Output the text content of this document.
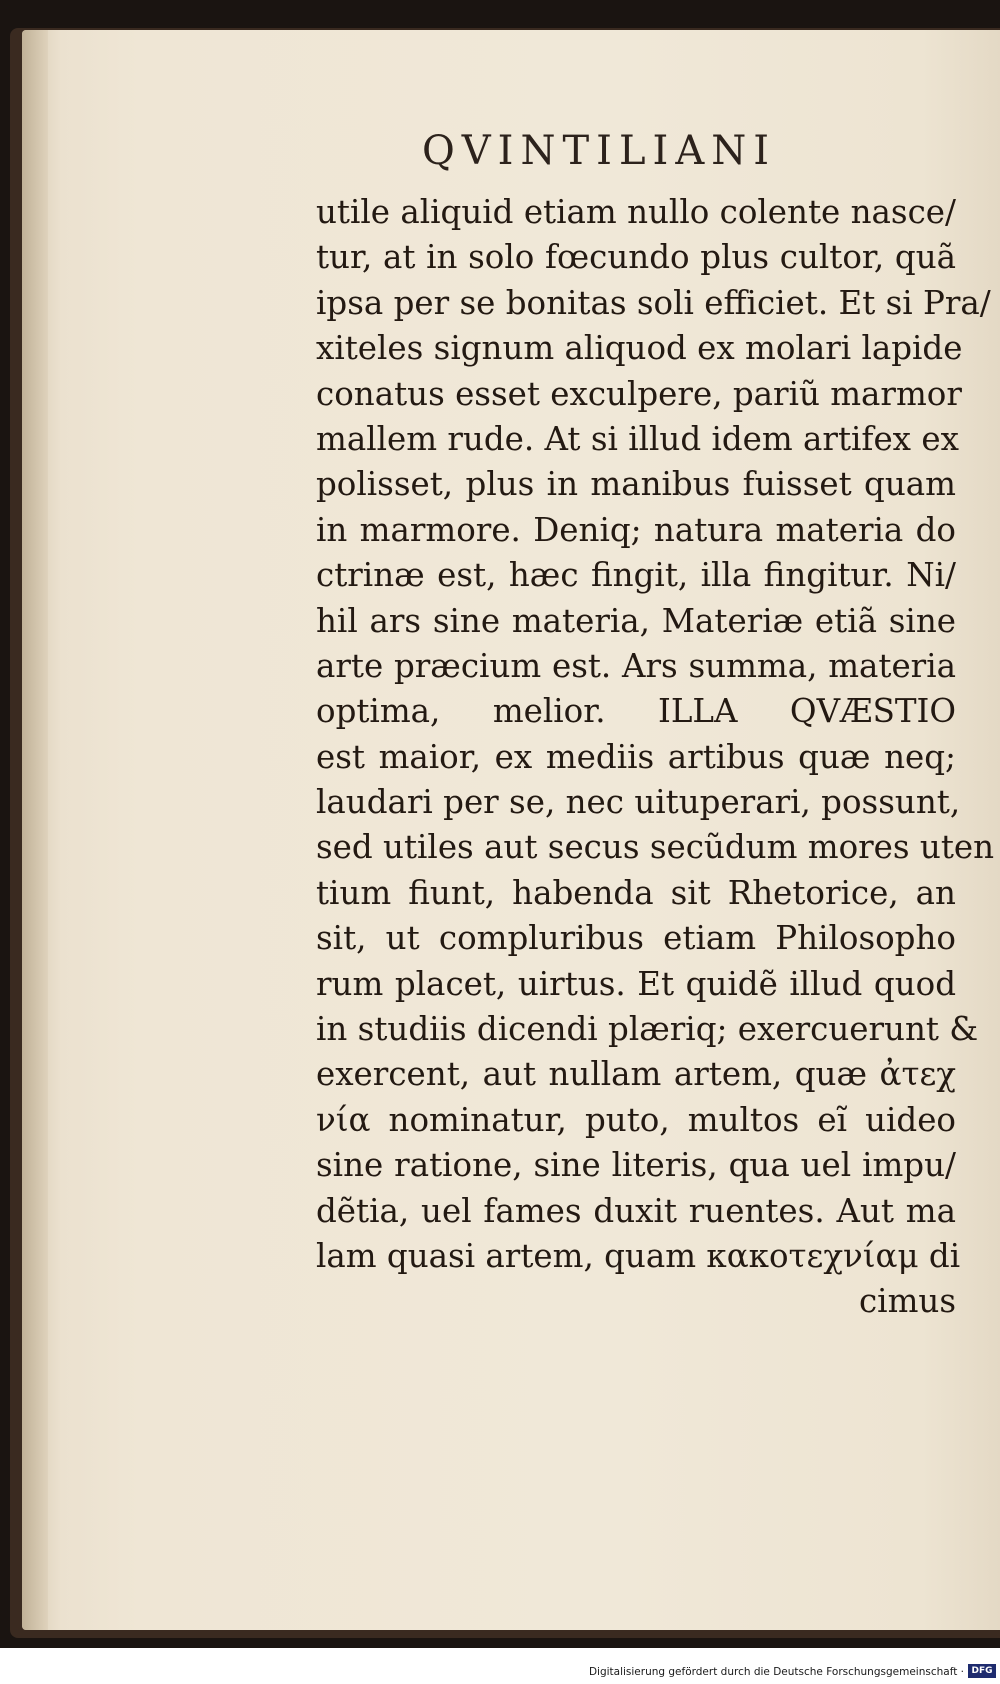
QVINTILIANI
utile aliquid etiam nullo colente nasce/
tur, at in solo fœcundo plus cultor, quã
ipsa per se bonitas soli efficiet. Et si Pra/
xiteles signum aliquod ex molari lapide
conatus esset exculpere, pariũ marmor
mallem rude. At si illud idem artifex ex
polisset, plus in manibus fuisset quam
in marmore. Deniq; natura materia do
ctrinæ est, hæc fingit, illa fingitur. Ni/
hil ars sine materia, Materiæ etiã sine
arte præcium est. Ars summa, materia
optima, melior. ILLA QVÆSTIO
est maior, ex mediis artibus quæ neq;
laudari per se, nec uituperari, possunt,
sed utiles aut secus secũdum mores uten
tium fiunt, habenda sit Rhetorice, an
sit, ut compluribus etiam Philosopho
rum placet, uirtus. Et quidẽ illud quod
in studiis dicendi plæriq; exercuerunt &
exercent, aut nullam artem, quæ ἀτεχ
νία nominatur, puto, multos eĩ uideo
sine ratione, sine literis, qua uel impu/
dẽtia, uel fames duxit ruentes. Aut ma
lam quasi artem, quam κακοτεχνίαμ di
cimus
Digitalisierung gefördert durch die Deutsche Forschungsgemeinschaft · DFG
